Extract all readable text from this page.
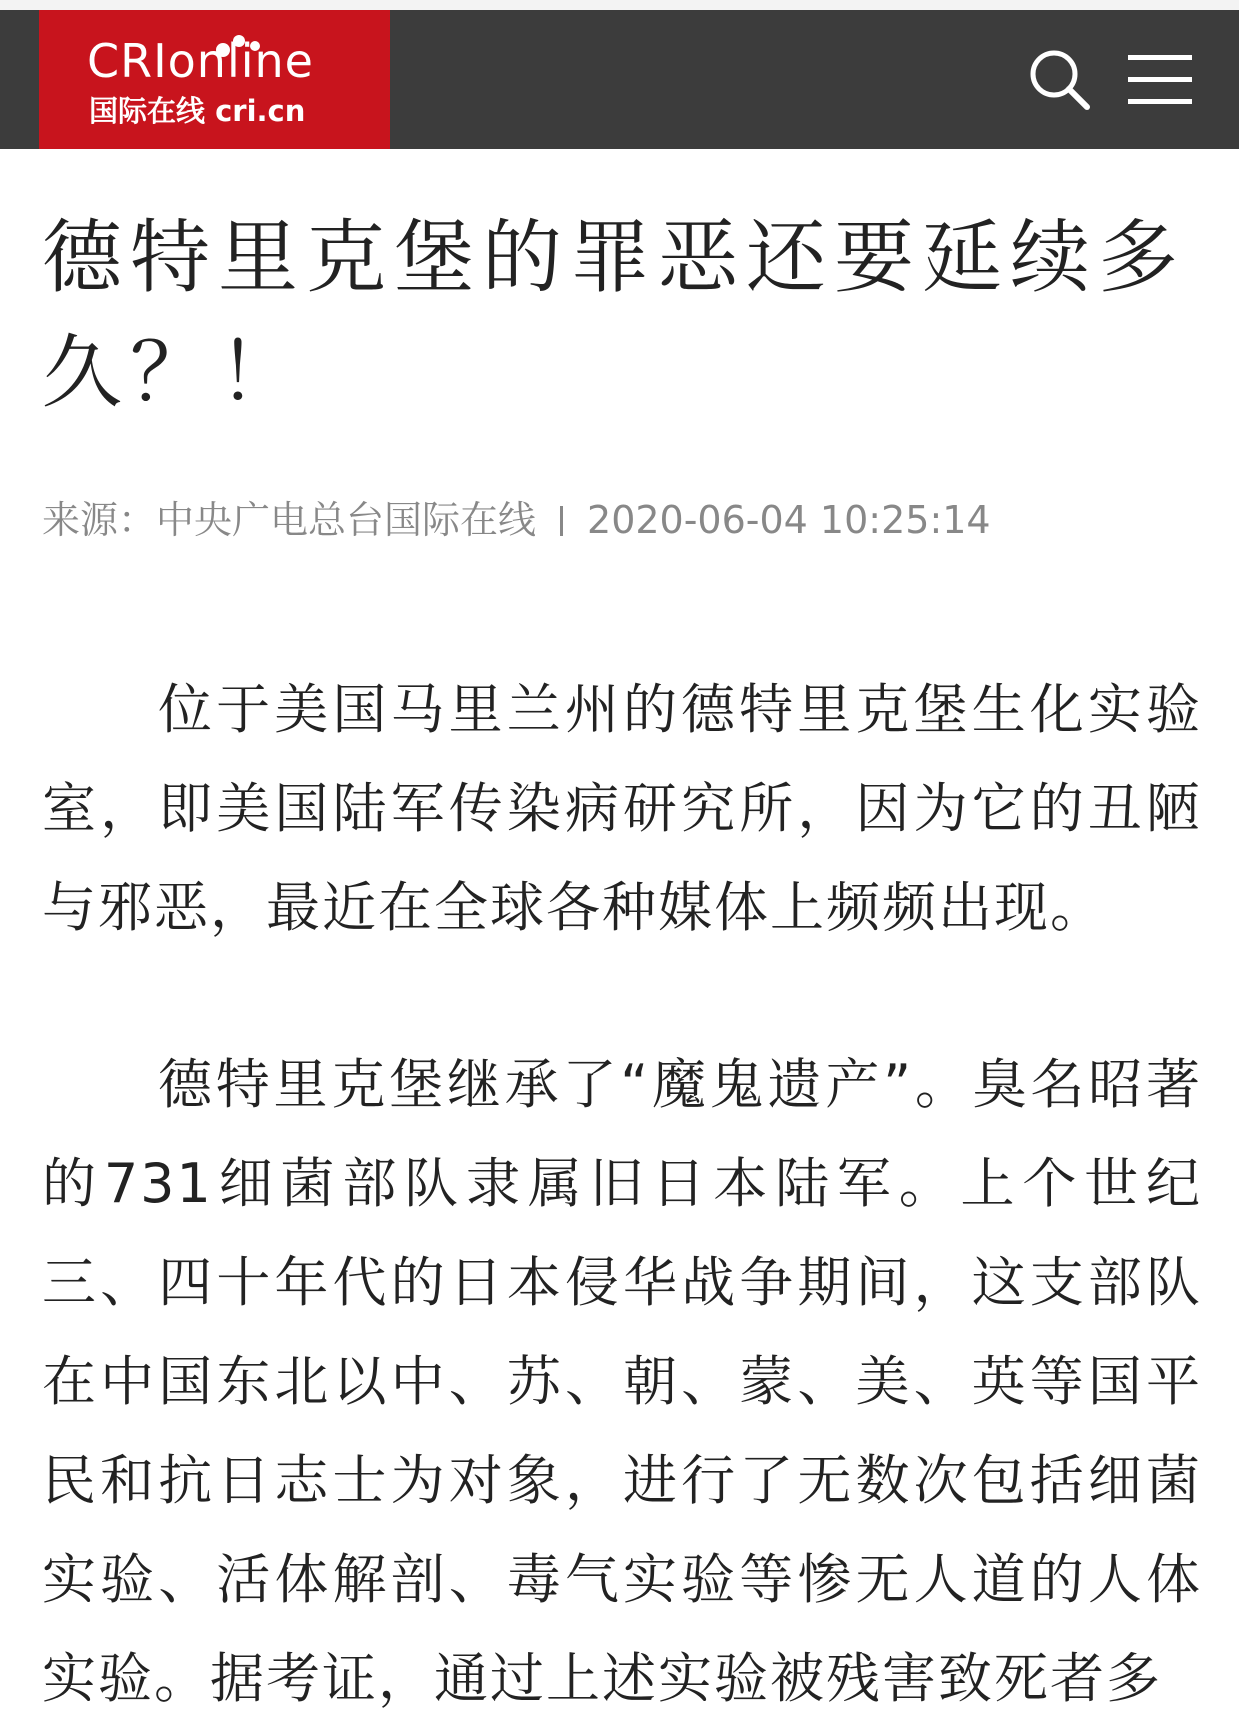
CRIonline
国际在线 cri.cn
德特里克堡的罪恶还要延续多久？！
来源：中央广电总台国际在线 2020-06-04 10:25:14

位于美国马里兰州的德特里克堡生化实验室，即美国陆军传染病研究所，因为它的丑陋与邪恶，最近在全球各种媒体上频频出现。

德特里克堡继承了“魔鬼遗产”。臭名昭著的731细菌部队隶属旧日本陆军。上个世纪三、四十年代的日本侵华战争期间，这支部队在中国东北以中、苏、朝、蒙、美、英等国平民和抗日志士为对象，进行了无数次包括细菌实验、活体解剖、毒气实验等惨无人道的人体实验。据考证，通过上述实验被残害致死者多
